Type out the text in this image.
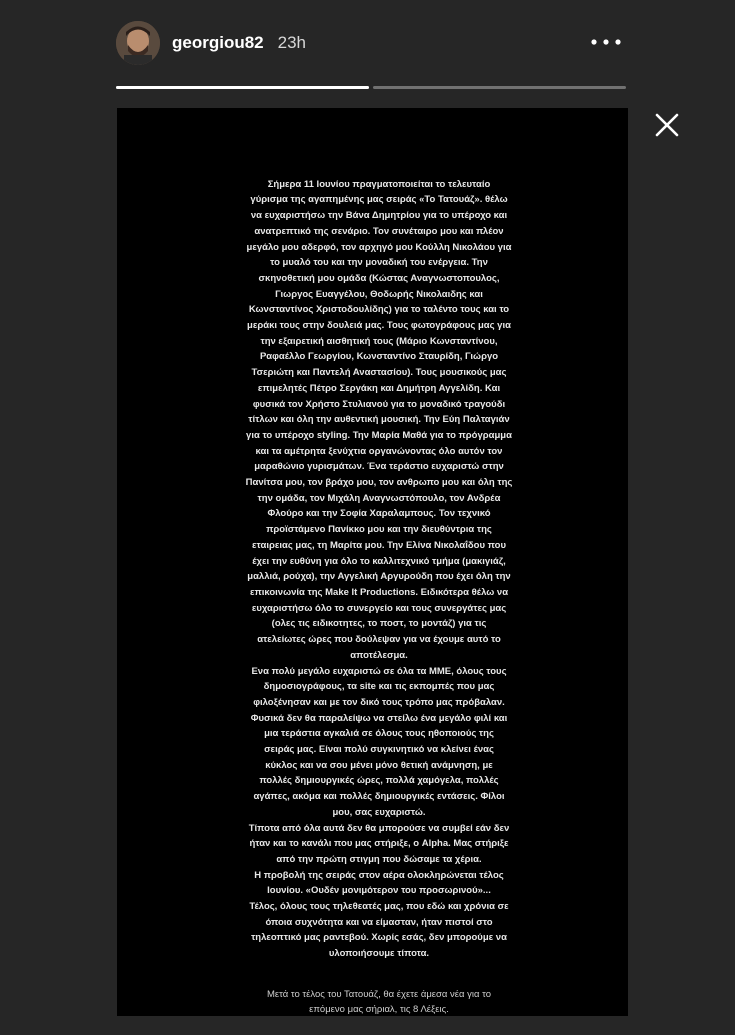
georgiou82 23h

Σήμερα 11 Ιουνίου πραγματοποιείται το τελευταίο
γύρισμα της αγαπημένης μας σειράς «Το Τατουάζ». θέλω
να ευχαριστήσω την Βάνα Δημητρίου για το υπέροχο και
ανατρεπτικό της σενάριο. Τον συνέταιρο μου και πλέον
μεγάλο μου αδερφό, τον αρχηγό μου Κούλλη Νικολάου για
το μυαλό του και την μοναδική του ενέργεια. Την
σκηνοθετική μου ομάδα (Κώστας Αναγνωστοπουλος,
Γιωργος Ευαγγέλου, Θοδωρής Νικολαιδης και
Κωνσταντίνος Χριστοδουλίδης) για το ταλέντο τους και το
μεράκι τους στην δουλειά μας. Τους φωτογράφους μας για
την εξαιρετική αισθητική τους (Μάριο Κωνσταντίνου,
Ραφαέλλο Γεωργίου, Κωνσταντίνο Σταυρίδη, Γιώργο
Τσεριώτη και Παντελή Αναστασίου). Τους μουσικούς μας
επιμελητές Πέτρο Σεργάκη και Δημήτρη Αγγελίδη. Και
φυσικά τον Χρήστο Στυλιανού για το μοναδικό τραγούδι
τίτλων και όλη την αυθεντική μουσική. Την Εύη Παλταγιάν
για το υπέροχο styling. Την Μαρία Μαθά για το πρόγραμμα
και τα αμέτρητα ξενύχτια οργανώνοντας όλο αυτόν τον
μαραθώνιο γυρισμάτων. Ένα τεράστιο ευχαριστώ στην
Πανίτσα μου, τον βράχο μου, τον ανθρωπο μου και όλη της
την ομάδα, τον Μιχάλη Αναγνωστόπουλο, τον Ανδρέα
Φλούρο και την Σοφία Χαραλαμπους. Τον τεχνικό
προϊστάμενο Πανίκκο μου και την διευθύντρια της
εταιρειας μας, τη Μαρίτα μου. Την Ελίνα Νικολαΐδου που
έχει την ευθύνη για όλο το καλλιτεχνικό τμήμα (μακιγιάζ,
μαλλιά, ρούχα), την Αγγελική Αργυρούδη που έχει όλη την
επικοινωνία της Make It Productions. Ειδικότερα θέλω να
ευχαριστήσω όλο το συνεργείο και τους συνεργάτες μας
(ολες τις ειδικοτητες, το ποστ, το μοντάζ) για τις
ατελείωτες ώρες που δούλεψαν για να έχουμε αυτό το
αποτέλεσμα.
Ενα πολύ μεγάλο ευχαριστώ σε όλα τα ΜΜΕ, όλους τους
δημοσιογράφους, τα site και τις εκπομπές που μας
φιλοξένησαν και με τον δικό τους τρόπο μας πρόβαλαν.
Φυσικά δεν θα παραλείψω να στείλω ένα μεγάλο φιλί και
μια τεράστια αγκαλιά σε όλους τους ηθοποιούς της
σειράς μας. Είναι πολύ συγκινητικό να κλείνει ένας
κύκλος και να σου μένει μόνο θετική ανάμνηση, με
πολλές δημιουργικές ώρες, πολλά χαμόγελα, πολλές
αγάπες, ακόμα και πολλές δημιουργικές εντάσεις. Φίλοι
μου, σας ευχαριστώ.
Τίποτα από όλα αυτά δεν θα μπορούσε να συμβεί εάν δεν
ήταν και το κανάλι που μας στήριξε, ο Alpha. Μας στήριξε
από την πρώτη στιγμη που δώσαμε τα χέρια.
Η προβολή της σειράς στον αέρα ολοκληρώνεται τέλος
Ιουνίου. «Ουδέν μονιμότερον του προσωρινού»...
Τέλος, όλους τους τηλεθεατές μας, που εδώ και χρόνια σε
όποια συχνότητα και να είμασταν, ήταν πιστοί στο
τηλεοπτικό μας ραντεβού. Χωρίς εσάς, δεν μπορούμε να
υλοποιήσουμε τίποτα.

Μετά το τέλος του Τατουάζ, θα έχετε άμεσα νέα για το
επόμενο μας σήριαλ, τις 8 Λέξεις.
